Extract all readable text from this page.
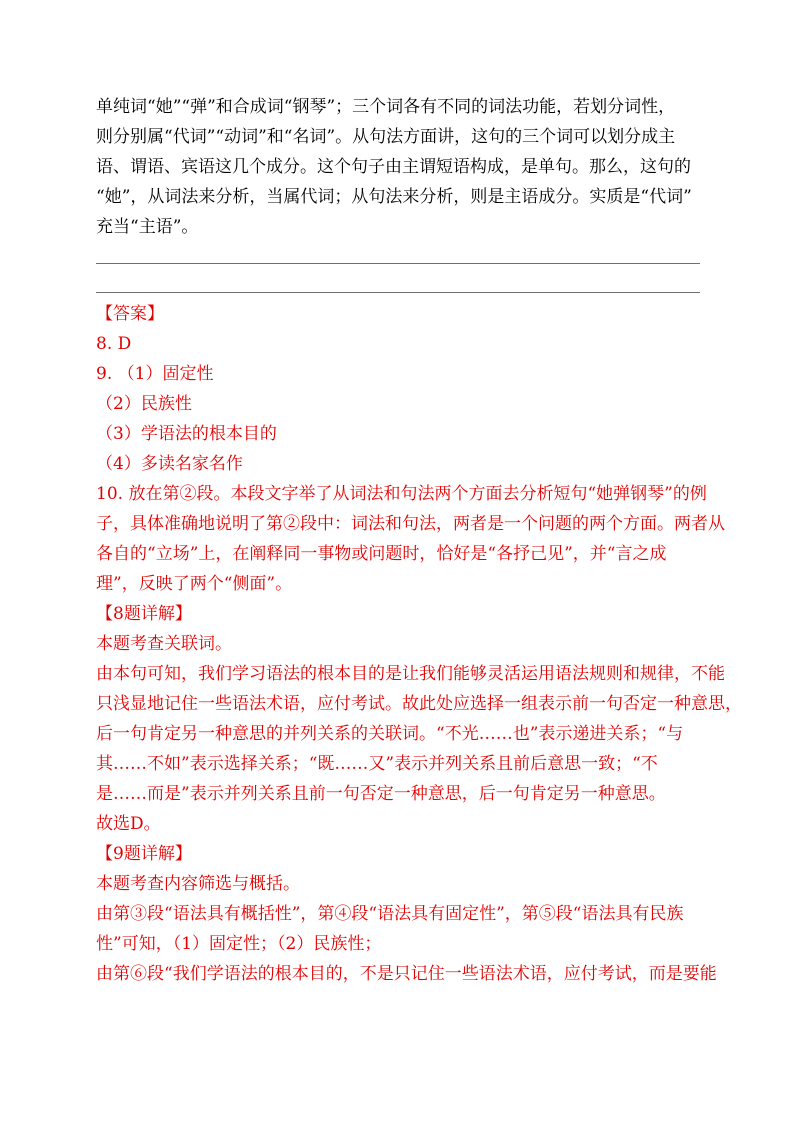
单纯词“她”“弹”和合成词“钢琴”；三个词各有不同的词法功能，若划分词性，
则分别属“代词”“动词”和“名词”。从句法方面讲，这句的三个词可以划分成主
语、谓语、宾语这几个成分。这个句子由主谓短语构成，是单句。那么，这句的
“她”，从词法来分析，当属代词；从句法来分析，则是主语成分。实质是“代词”
充当“主语”。
【答案】
8. D
9. （1）固定性
（2）民族性
（3）学语法的根本目的
（4）多读名家名作
10. 放在第②段。本段文字举了从词法和句法两个方面去分析短句“她弹钢琴”的例
子，具体准确地说明了第②段中：词法和句法，两者是一个问题的两个方面。两者从
各自的“立场”上，在阐释同一事物或问题时，恰好是“各抒己见”，并“言之成
理”，反映了两个“侧面”。
【8题详解】
本题考查关联词。
由本句可知，我们学习语法的根本目的是让我们能够灵活运用语法规则和规律，不能
只浅显地记住一些语法术语，应付考试。故此处应选择一组表示前一句否定一种意思，
后一句肯定另一种意思的并列关系的关联词。“不光……也”表示递进关系；“与
其……不如”表示选择关系；“既……又”表示并列关系且前后意思一致；“不
是……而是”表示并列关系且前一句否定一种意思，后一句肯定另一种意思。
故选D。
【9题详解】
本题考查内容筛选与概括。
由第③段“语法具有概括性”，第④段“语法具有固定性”，第⑤段“语法具有民族
性”可知，（1）固定性；（2）民族性；
由第⑥段“我们学语法的根本目的，不是只记住一些语法术语，应付考试，而是要能
